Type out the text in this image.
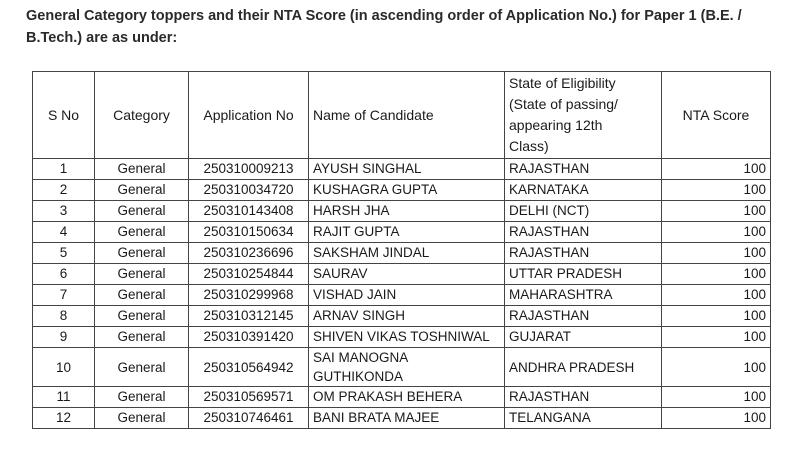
General Category toppers and their NTA Score (in ascending order of Application No.) for Paper 1 (B.E. / B.Tech.) are as under:
S No	Category	Application No	Name of Candidate	State of Eligibility
(State of passing/
appearing 12th
Class)	NTA Score
1	General	250310009213	AYUSH SINGHAL	RAJASTHAN	100
2	General	250310034720	KUSHAGRA GUPTA	KARNATAKA	100
3	General	250310143408	HARSH JHA	DELHI (NCT)	100
4	General	250310150634	RAJIT GUPTA	RAJASTHAN	100
5	General	250310236696	SAKSHAM JINDAL	RAJASTHAN	100
6	General	250310254844	SAURAV	UTTAR PRADESH	100
7	General	250310299968	VISHAD JAIN	MAHARASHTRA	100
8	General	250310312145	ARNAV SINGH	RAJASTHAN	100
9	General	250310391420	SHIVEN VIKAS TOSHNIWAL	GUJARAT	100
10	General	250310564942	SAI MANOGNA
GUTHIKONDA	ANDHRA PRADESH	100
11	General	250310569571	OM PRAKASH BEHERA	RAJASTHAN	100
12	General	250310746461	BANI BRATA MAJEE	TELANGANA	100
